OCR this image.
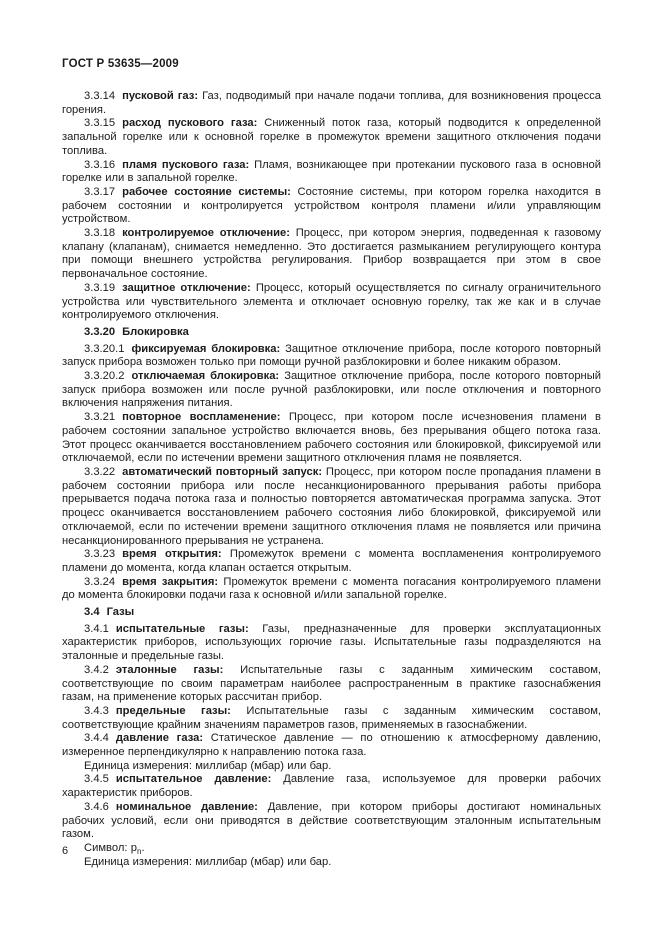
ГОСТ Р 53635—2009

3.3.14 пусковой газ: Газ, подводимый при начале подачи топлива, для возникновения процесса горения.

3.3.15 расход пускового газа: Сниженный поток газа, который подводится к определенной запальной горелке или к основной горелке в промежуток времени защитного отключения подачи топлива.

3.3.16 пламя пускового газа: Пламя, возникающее при протекании пускового газа в основной горелке или в запальной горелке.

3.3.17 рабочее состояние системы: Состояние системы, при котором горелка находится в рабочем состоянии и контролируется устройством контроля пламени и/или управляющим устройством.

3.3.18 контролируемое отключение: Процесс, при котором энергия, подведенная к газовому клапану (клапанам), снимается немедленно. Это достигается размыканием регулирующего контура при помощи внешнего устройства регулирования. Прибор возвращается при этом в свое первоначальное состояние.

3.3.19 защитное отключение: Процесс, который осуществляется по сигналу ограничительного устройства или чувствительного элемента и отключает основную горелку, так же как и в случае контролируемого отключения.

3.3.20 Блокировка

3.3.20.1 фиксируемая блокировка: Защитное отключение прибора, после которого повторный запуск прибора возможен только при помощи ручной разблокировки и более никаким образом.

3.3.20.2 отключаемая блокировка: Защитное отключение прибора, после которого повторный запуск прибора возможен или после ручной разблокировки, или после отключения и повторного включения напряжения питания.

3.3.21 повторное воспламенение: Процесс, при котором после исчезновения пламени в рабочем состоянии запальное устройство включается вновь, без прерывания общего потока газа. Этот процесс оканчивается восстановлением рабочего состояния или блокировкой, фиксируемой или отключаемой, если по истечении времени защитного отключения пламя не появляется.

3.3.22 автоматический повторный запуск: Процесс, при котором после пропадания пламени в рабочем состоянии прибора или после несанкционированного прерывания работы прибора прерывается подача потока газа и полностью повторяется автоматическая программа запуска. Этот процесс оканчивается восстановлением рабочего состояния либо блокировкой, фиксируемой или отключаемой, если по истечении времени защитного отключения пламя не появляется или причина несанкционированного прерывания не устранена.

3.3.23 время открытия: Промежуток времени с момента воспламенения контролируемого пламени до момента, когда клапан остается открытым.

3.3.24 время закрытия: Промежуток времени с момента погасания контролируемого пламени до момента блокировки подачи газа к основной и/или запальной горелке.

3.4 Газы

3.4.1 испытательные газы: Газы, предназначенные для проверки эксплуатационных характеристик приборов, использующих горючие газы. Испытательные газы подразделяются на эталонные и предельные газы.

3.4.2 эталонные газы: Испытательные газы с заданным химическим составом, соответствующие по своим параметрам наиболее распространенным в практике газоснабжения газам, на применение которых рассчитан прибор.

3.4.3 предельные газы: Испытательные газы с заданным химическим составом, соответствующие крайним значениям параметров газов, применяемых в газоснабжении.

3.4.4 давление газа: Статическое давление — по отношению к атмосферному давлению, измеренное перпендикулярно к направлению потока газа.

Единица измерения: миллибар (мбар) или бар.

3.4.5 испытательное давление: Давление газа, используемое для проверки рабочих характеристик приборов.

3.4.6 номинальное давление: Давление, при котором приборы достигают номинальных рабочих условий, если они приводятся в действие соответствующим эталонным испытательным газом.

Символ: $p_n$.

Единица измерения: миллибар (мбар) или бар.

6
